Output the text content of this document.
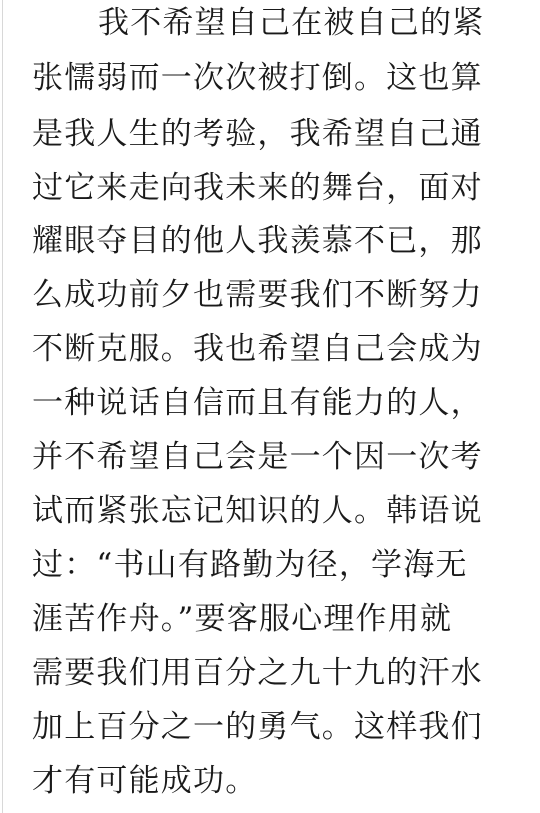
我不希望自己在被自己的紧
张懦弱而一次次被打倒。这也算
是我人生的考验，我希望自己通
过它来走向我未来的舞台，面对
耀眼夺目的他人我羡慕不已，那
么成功前夕也需要我们不断努力
不断克服。我也希望自己会成为
一种说话自信而且有能力的人，
并不希望自己会是一个因一次考
试而紧张忘记知识的人。韩语说
过：“书山有路勤为径，学海无
涯苦作舟。”要客服心理作用就
需要我们用百分之九十九的汗水
加上百分之一的勇气。这样我们
才有可能成功。
